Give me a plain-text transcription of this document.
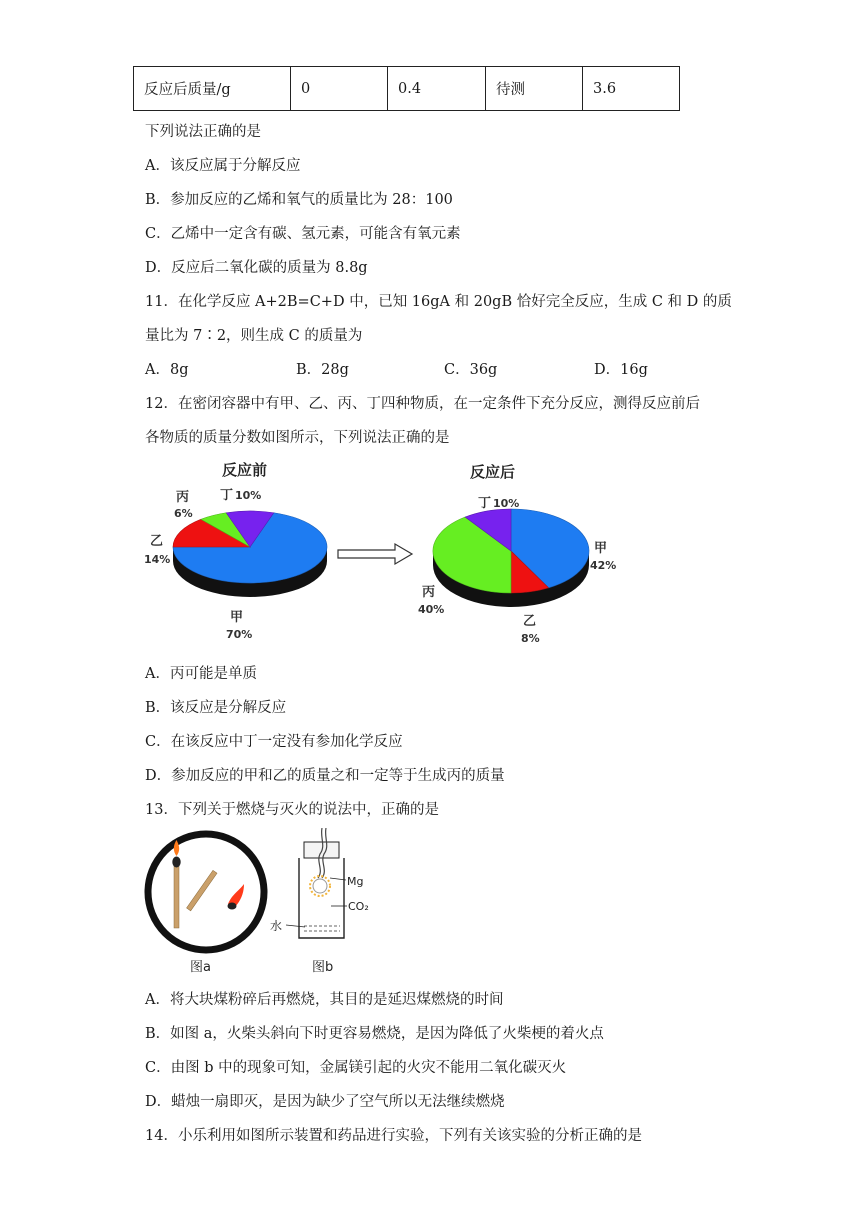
反应后质量/g	0	0.4	待测	3.6
下列说法正确的是
A．该反应属于分解反应
B．参加反应的乙烯和氧气的质量比为 28：100
C．乙烯中一定含有碳、氢元素，可能含有氧元素
D．反应后二氧化碳的质量为 8.8g
11．在化学反应 A+2B=C+D 中，已知 16gA 和 20gB 恰好完全反应，生成 C 和 D 的质
量比为 7∶2，则生成 C 的质量为
A．8g	B．28g	C．36g	D．16g
12．在密闭容器中有甲、乙、丙、丁四种物质，在一定条件下充分反应，测得反应前后
各物质的质量分数如图所示，下列说法正确的是
反应前
丙
6%
丁 10%
乙
14%
甲
70%
反应后
丁 10%
甲
42%
丙
40%
乙
8%
A．丙可能是单质
B．该反应是分解反应
C．在该反应中丁一定没有参加化学反应
D．参加反应的甲和乙的质量之和一定等于生成丙的质量
13．下列关于燃烧与灭火的说法中，正确的是
图a
Mg
CO₂
水
图b
A．将大块煤粉碎后再燃烧，其目的是延迟煤燃烧的时间
B．如图 a，火柴头斜向下时更容易燃烧，是因为降低了火柴梗的着火点
C．由图 b 中的现象可知，金属镁引起的火灾不能用二氧化碳灭火
D．蜡烛一扇即灭，是因为缺少了空气所以无法继续燃烧
14．小乐利用如图所示装置和药品进行实验，下列有关该实验的分析正确的是
